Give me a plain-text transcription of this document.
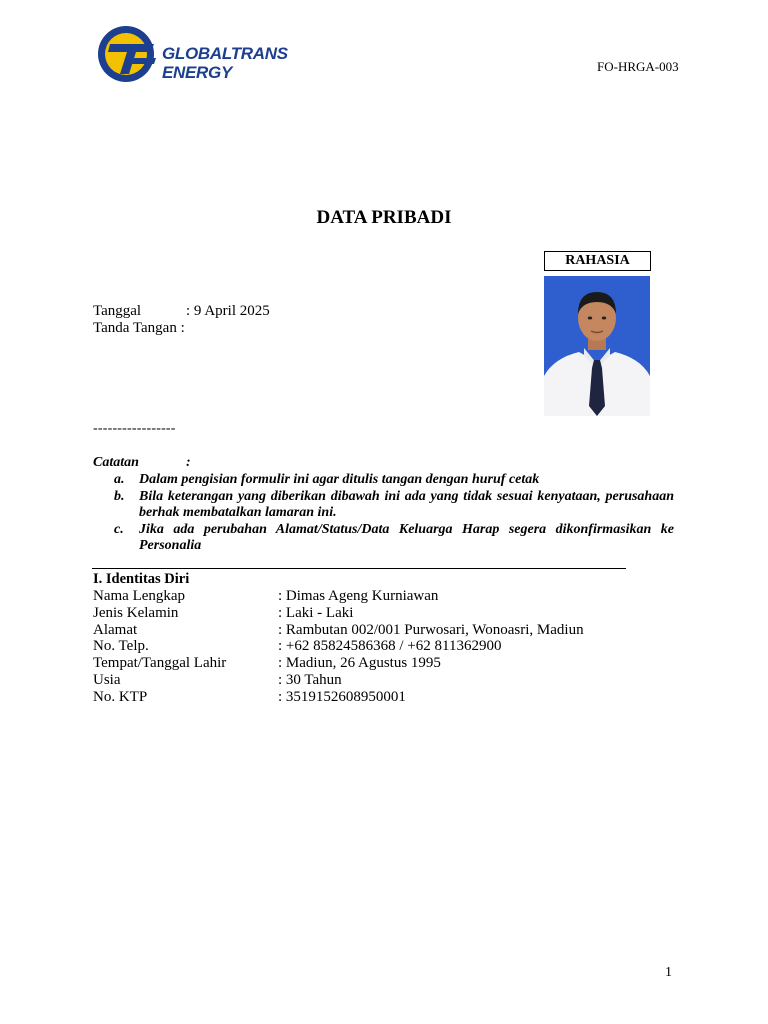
GLOBALTRANS
ENERGY	FO-HRGA-003
DATA PRIBADI
RAHASIA
Tanggal	: 9 April 2025
Tanda Tangan :
-----------------
Catatan	:
a.	Dalam pengisian formulir ini agar ditulis tangan dengan huruf cetak
b.	Bila keterangan yang diberikan dibawah ini ada yang tidak sesuai kenyataan, perusahaan berhak membatalkan lamaran ini.
c.	Jika ada perubahan Alamat/Status/Data Keluarga Harap segera dikonfirmasikan ke Personalia
I. Identitas Diri
Nama Lengkap	: Dimas Ageng Kurniawan
Jenis Kelamin	: Laki - Laki
Alamat	: Rambutan 002/001 Purwosari, Wonoasri, Madiun
No. Telp.	: +62 85824586368 / +62 811362900
Tempat/Tanggal Lahir	: Madiun, 26 Agustus 1995
Usia	: 30 Tahun
No. KTP	: 3519152608950001
1
